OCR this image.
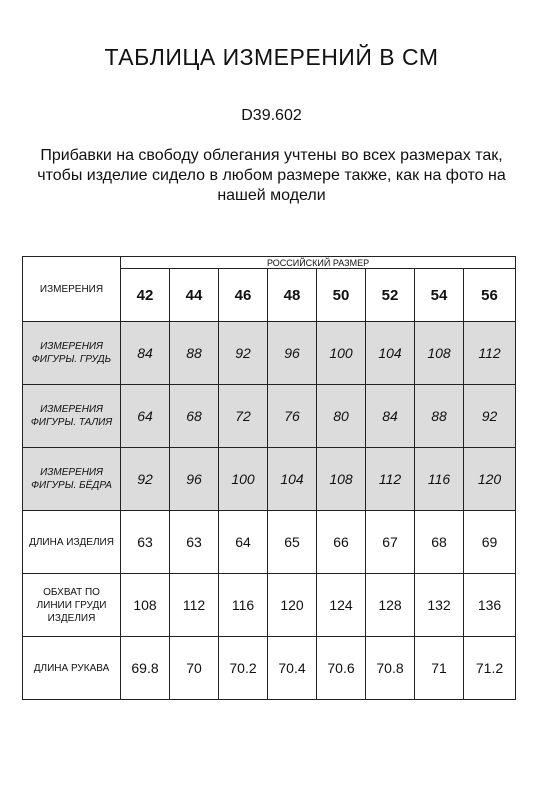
ТАБЛИЦА ИЗМЕРЕНИЙ В СМ
D39.602
Прибавки на свободу облегания учтены во всех размерах так, чтобы изделие сидело в любом размере также, как на фото на нашей модели
ИЗМЕРЕНИЯ	РОССИЙСКИЙ РАЗМЕР							
	42	44	46	48	50	52	54	56
ИЗМЕРЕНИЯ ФИГУРЫ. ГРУДЬ	84	88	92	96	100	104	108	112
ИЗМЕРЕНИЯ ФИГУРЫ. ТАЛИЯ	64	68	72	76	80	84	88	92
ИЗМЕРЕНИЯ ФИГУРЫ. БЁДРА	92	96	100	104	108	112	116	120
ДЛИНА ИЗДЕЛИЯ	63	63	64	65	66	67	68	69
ОБХВАТ ПО ЛИНИИ ГРУДИ ИЗДЕЛИЯ	108	112	116	120	124	128	132	136
ДЛИНА РУКАВА	69.8	70	70.2	70.4	70.6	70.8	71	71.2
